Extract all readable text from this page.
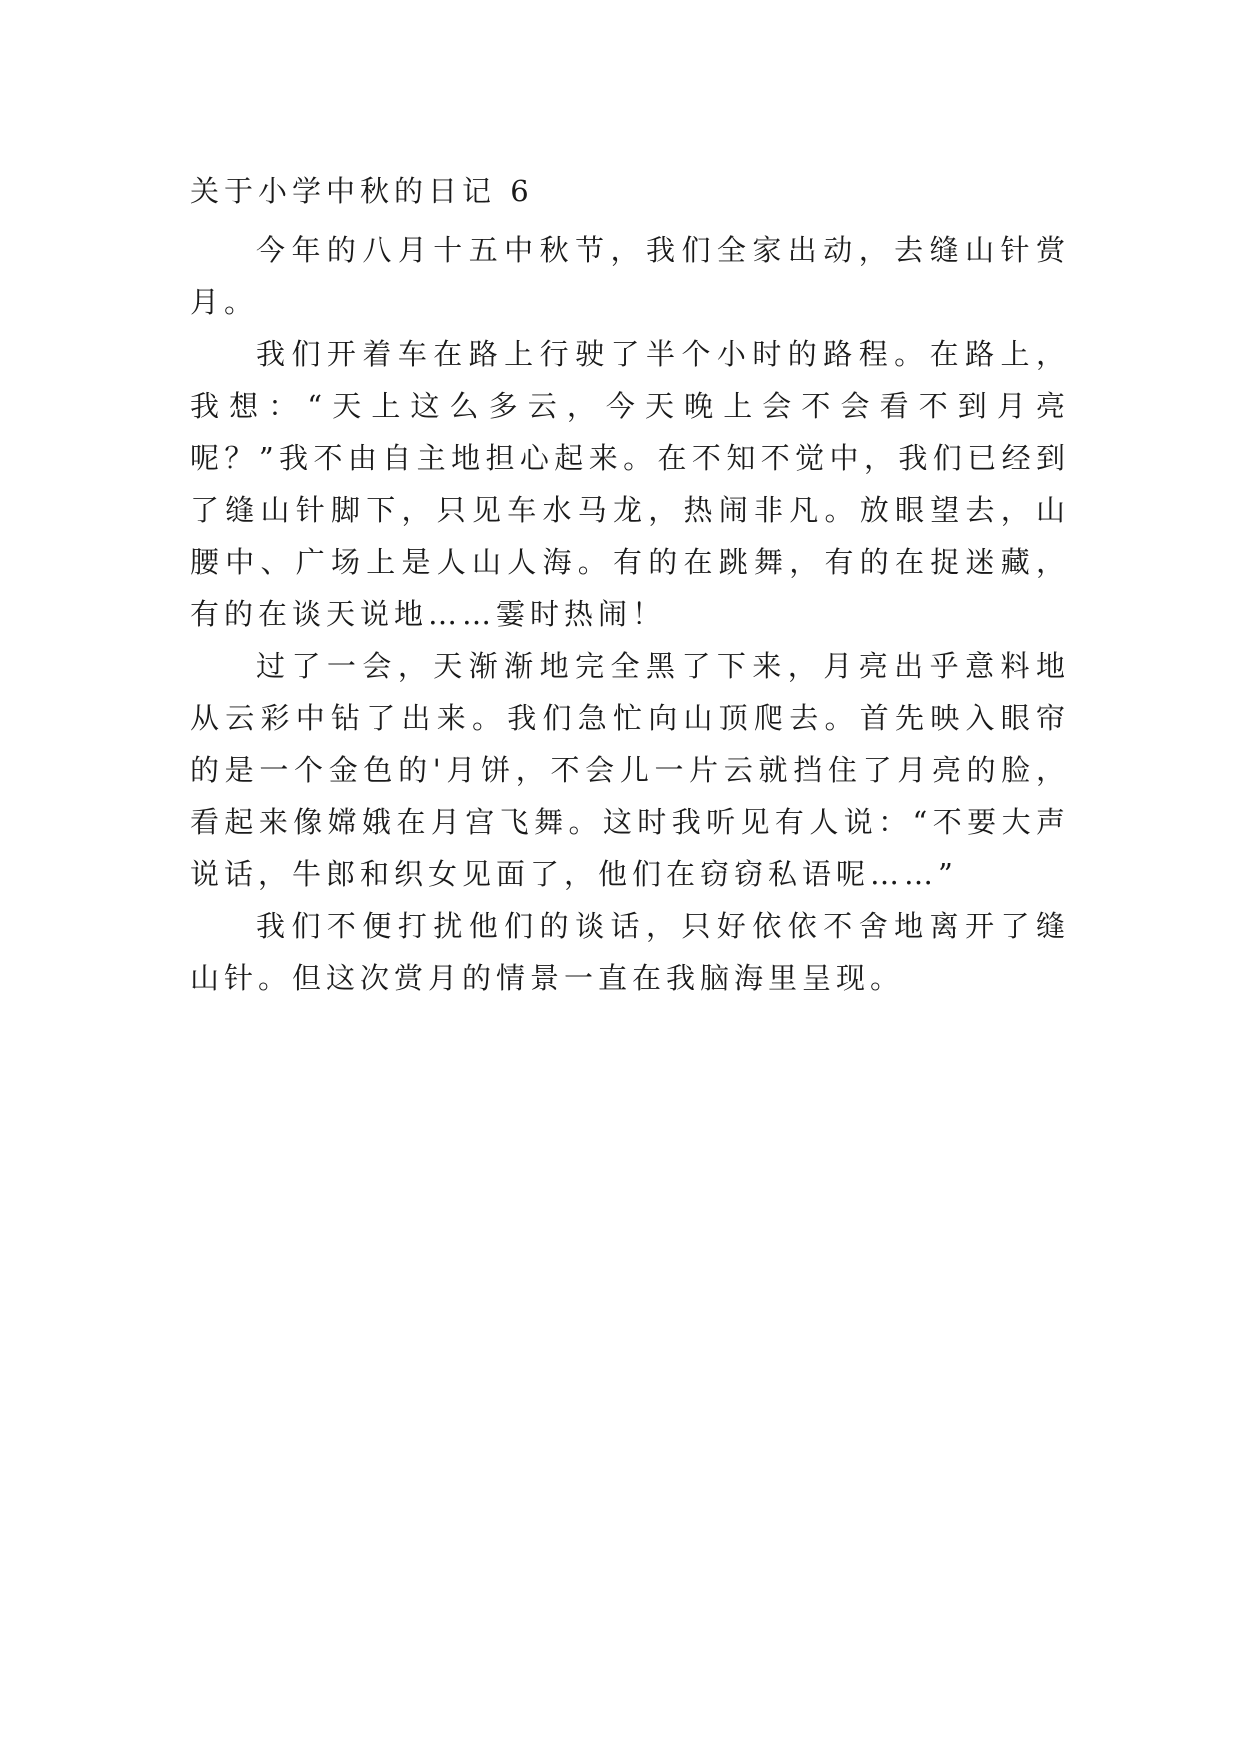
关于小学中秋的日记 6

今年的八月十五中秋节，我们全家出动，去缝山针赏月。

我们开着车在路上行驶了半个小时的路程。在路上，我想：“天上这么多云，今天晚上会不会看不到月亮呢？”我不由自主地担心起来。在不知不觉中，我们已经到了缝山针脚下，只见车水马龙，热闹非凡。放眼望去，山腰中、广场上是人山人海。有的在跳舞，有的在捉迷藏，有的在谈天说地……霎时热闹！

过了一会，天渐渐地完全黑了下来，月亮出乎意料地从云彩中钻了出来。我们急忙向山顶爬去。首先映入眼帘的是一个金色的'月饼，不会儿一片云就挡住了月亮的脸，看起来像嫦娥在月宫飞舞。这时我听见有人说：“不要大声说话，牛郎和织女见面了，他们在窃窃私语呢……”

我们不便打扰他们的谈话，只好依依不舍地离开了缝山针。但这次赏月的情景一直在我脑海里呈现。
